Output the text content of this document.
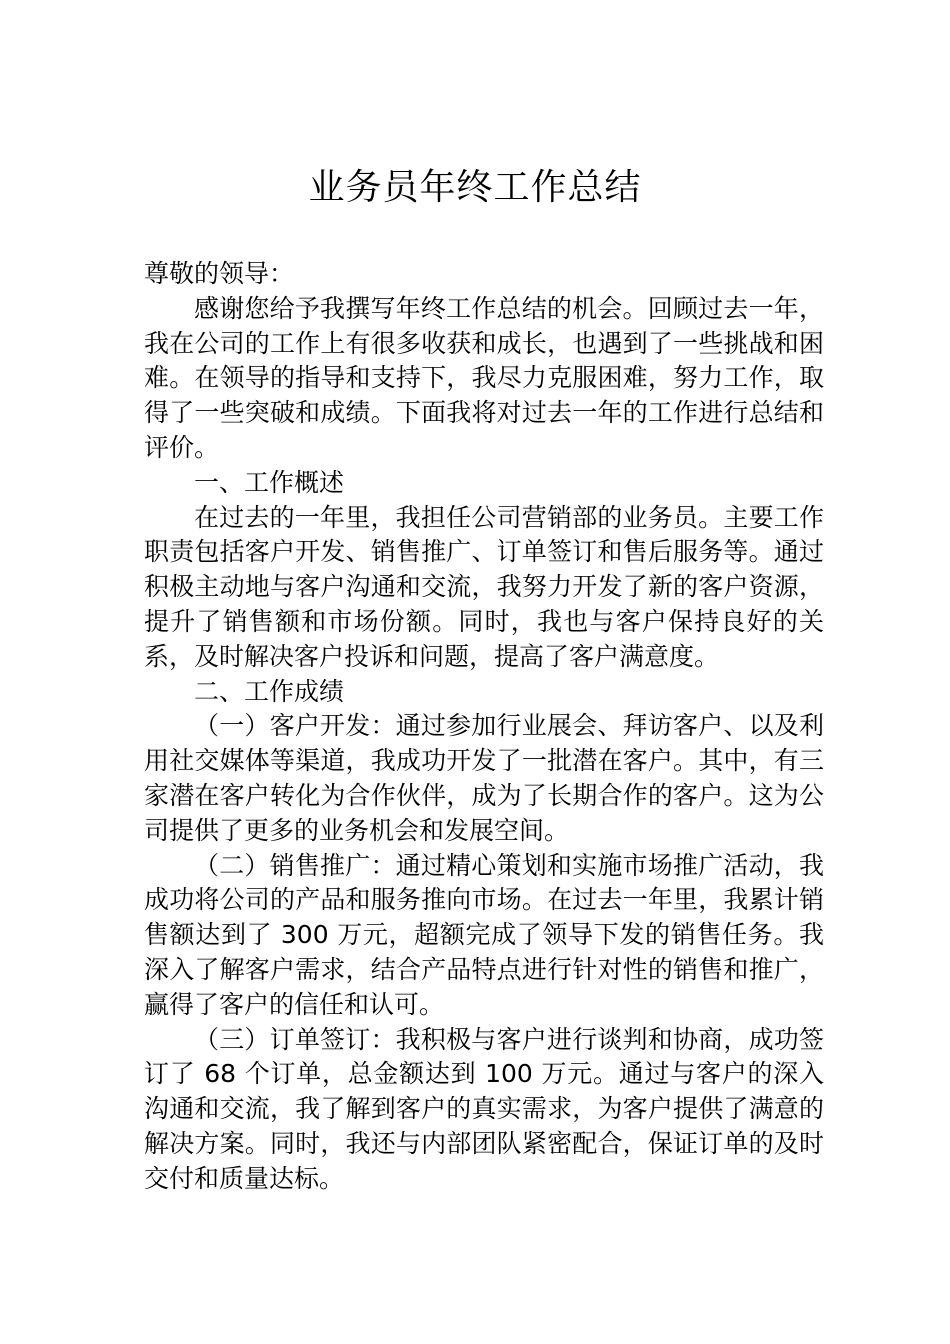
业务员年终工作总结

尊敬的领导：

感谢您给予我撰写年终工作总结的机会。回顾过去一年，我在公司的工作上有很多收获和成长，也遇到了一些挑战和困难。在领导的指导和支持下，我尽力克服困难，努力工作，取得了一些突破和成绩。下面我将对过去一年的工作进行总结和评价。

一、工作概述

在过去的一年里，我担任公司营销部的业务员。主要工作职责包括客户开发、销售推广、订单签订和售后服务等。通过积极主动地与客户沟通和交流，我努力开发了新的客户资源，提升了销售额和市场份额。同时，我也与客户保持良好的关系，及时解决客户投诉和问题，提高了客户满意度。

二、工作成绩

（一）客户开发：通过参加行业展会、拜访客户、以及利用社交媒体等渠道，我成功开发了一批潜在客户。其中，有三家潜在客户转化为合作伙伴，成为了长期合作的客户。这为公司提供了更多的业务机会和发展空间。

（二）销售推广：通过精心策划和实施市场推广活动，我成功将公司的产品和服务推向市场。在过去一年里，我累计销售额达到了 300 万元，超额完成了领导下发的销售任务。我深入了解客户需求，结合产品特点进行针对性的销售和推广，赢得了客户的信任和认可。

（三）订单签订：我积极与客户进行谈判和协商，成功签订了 68 个订单，总金额达到 100 万元。通过与客户的深入沟通和交流，我了解到客户的真实需求，为客户提供了满意的解决方案。同时，我还与内部团队紧密配合，保证订单的及时交付和质量达标。
